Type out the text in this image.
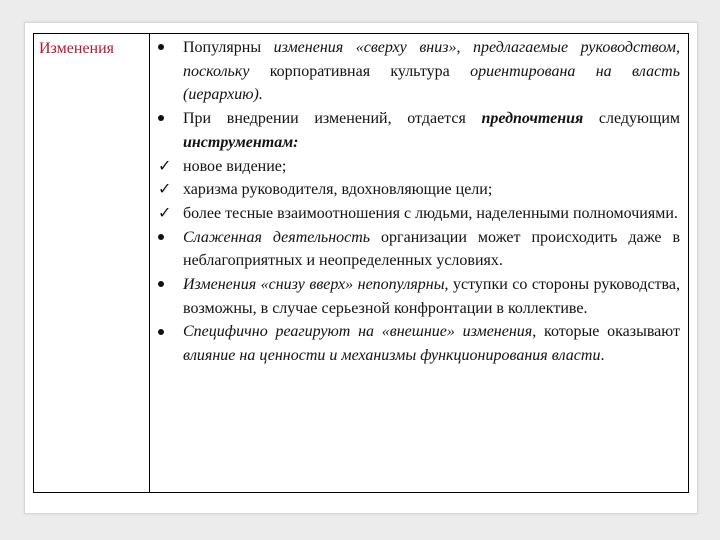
Изменения	Популярны изменения «сверху вниз», предлагаемые руководством, поскольку корпоративная культура ориентирована на власть (иерархию).
При внедрении изменений, отдается предпочтения следующим инструментам:
✓ новое видение;
✓ харизма руководителя, вдохновляющие цели;
✓ более тесные взаимоотношения с людьми, наделенными полномочиями.
Слаженная деятельность организации может происходить даже в неблагоприятных и неопределенных условиях.
Изменения «снизу вверх» непопулярны, уступки со стороны руководства, возможны, в случае серьезной конфронтации в коллективе.
Специфично реагируют на «внешние» изменения, которые оказывают влияние на ценности и механизмы функционирования власти.
